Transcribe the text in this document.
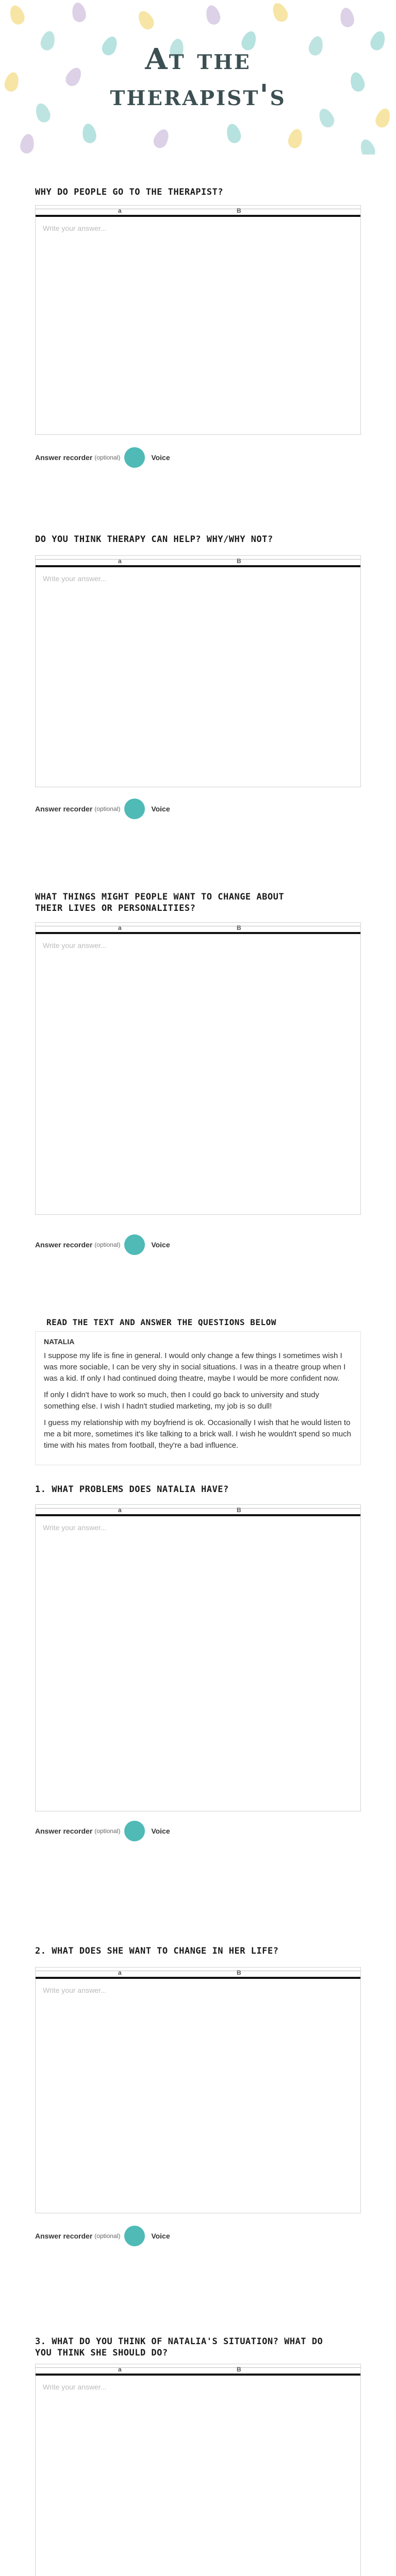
At the
therapist's
WHY DO PEOPLE GO TO THE THERAPIST?
a	B
Write your answer...
Answer recorder (optional)	Voice
DO YOU THINK THERAPY CAN HELP? WHY/WHY NOT?
a	B
Write your answer...
Answer recorder (optional)	Voice
WHAT THINGS MIGHT PEOPLE WANT TO CHANGE ABOUT
THEIR LIVES OR PERSONALITIES?
a	B
Write your answer...
Answer recorder (optional)	Voice
READ THE TEXT AND ANSWER THE QUESTIONS BELOW
NATALIA

I suppose my life is fine in general. I would only change a few things I sometimes wish I was more sociable, I can be very shy in social situations. I was in a theatre group when I was a kid. If only I had continued doing theatre, maybe I would be more confident now.

If only I didn't have to work so much, then I could go back to university and study something else. I wish I hadn't studied marketing, my job is so dull!

I guess my relationship with my boyfriend is ok. Occasionally I wish that he would listen to me a bit more, sometimes it's like talking to a brick wall. I wish he wouldn't spend so much time with his mates from football, they're a bad influence.

1. WHAT PROBLEMS DOES NATALIA HAVE?
a	B
Write your answer...
Answer recorder (optional)	Voice
2. WHAT DOES SHE WANT TO CHANGE IN HER LIFE?
a	B
Write your answer...
Answer recorder (optional)	Voice
3. WHAT DO YOU THINK OF NATALIA'S SITUATION? WHAT DO
YOU THINK SHE SHOULD DO?
a	B
Write your answer...
